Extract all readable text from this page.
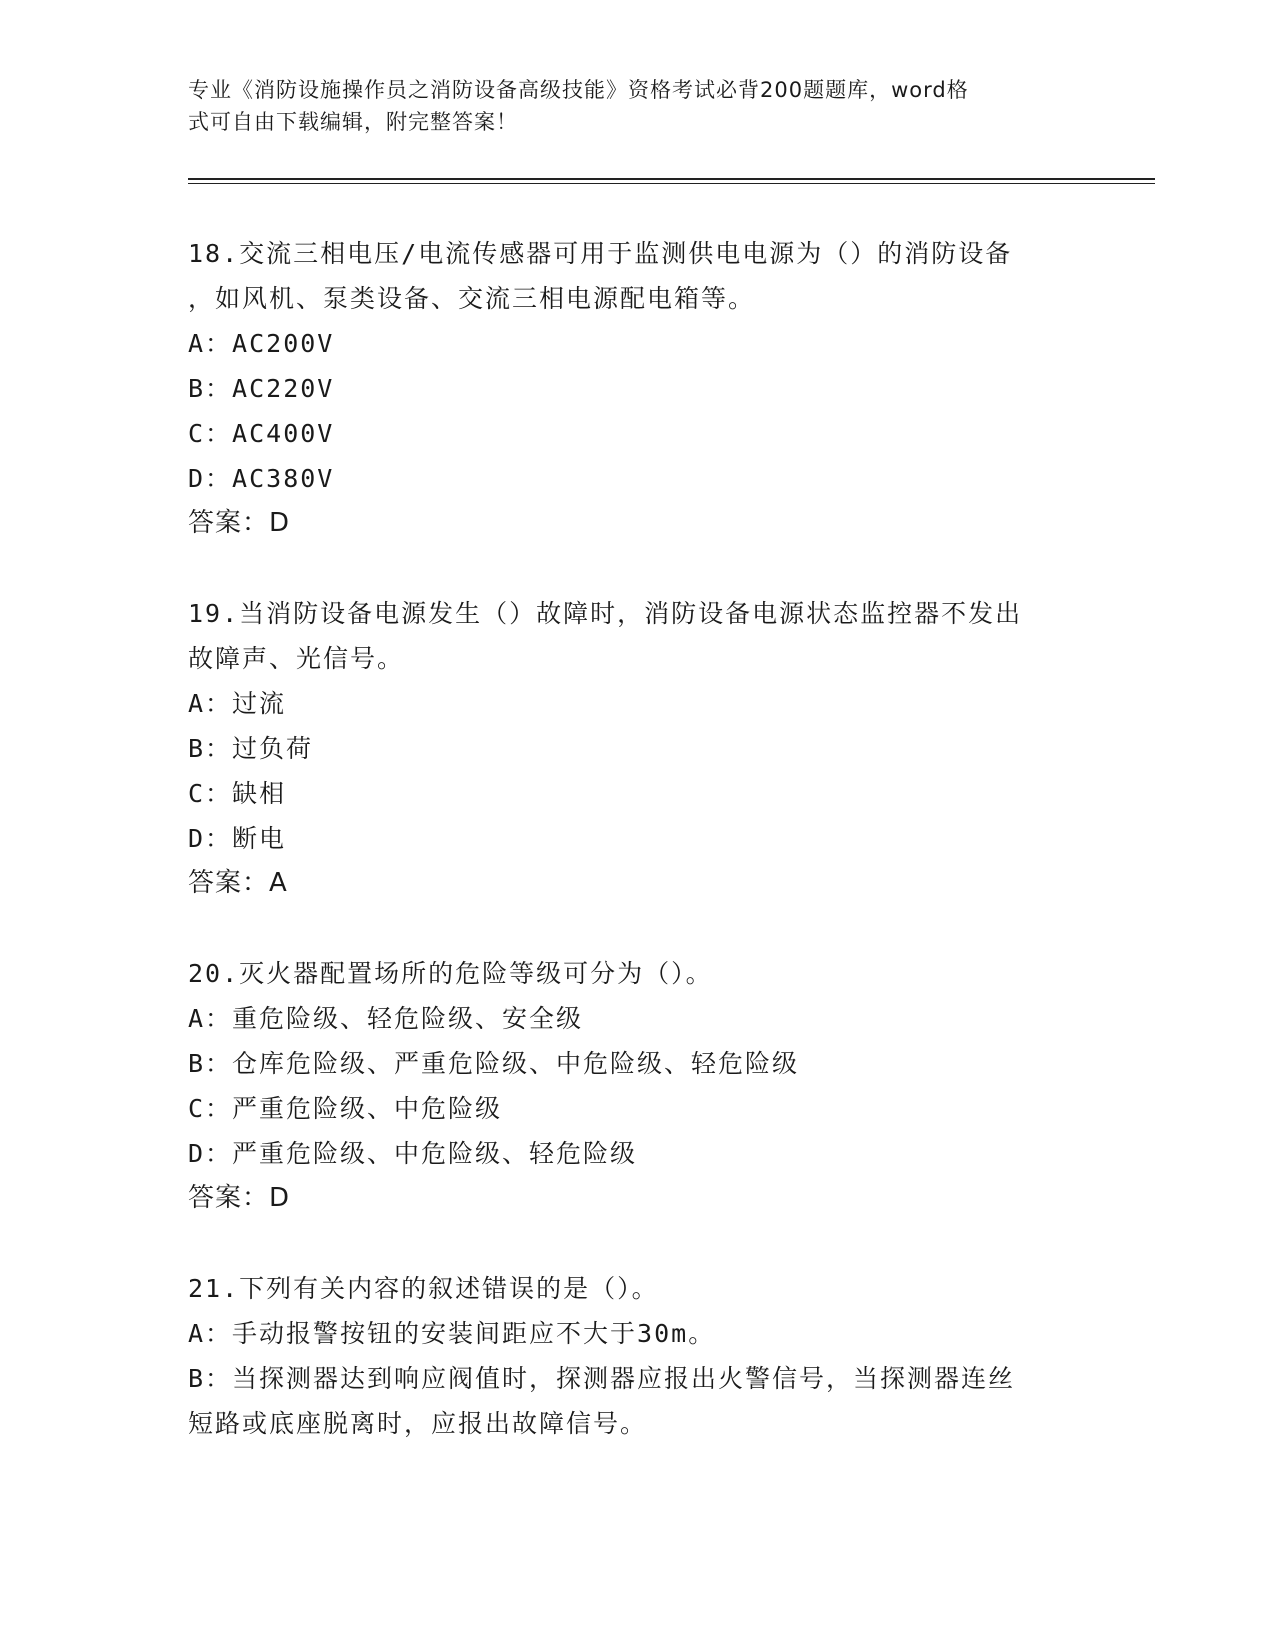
专业《消防设施操作员之消防设备高级技能》资格考试必背200题题库，word格
式可自由下载编辑，附完整答案！

18.交流三相电压/电流传感器可用于监测供电电源为（）的消防设备

，如风机、泵类设备、交流三相电源配电箱等。

A：AC200V

B：AC220V

C：AC400V

D：AC380V

答案：D

19.当消防设备电源发生（）故障时，消防设备电源状态监控器不发出

故障声、光信号。

A：过流

B：过负荷

C：缺相

D：断电

答案：A

20.灭火器配置场所的危险等级可分为（）。

A：重危险级、轻危险级、安全级

B：仓库危险级、严重危险级、中危险级、轻危险级

C：严重危险级、中危险级

D：严重危险级、中危险级、轻危险级

答案：D

21.下列有关内容的叙述错误的是（）。

A：手动报警按钮的安装间距应不大于30m。

B：当探测器达到响应阀值时，探测器应报出火警信号，当探测器连丝

短路或底座脱离时，应报出故障信号。
